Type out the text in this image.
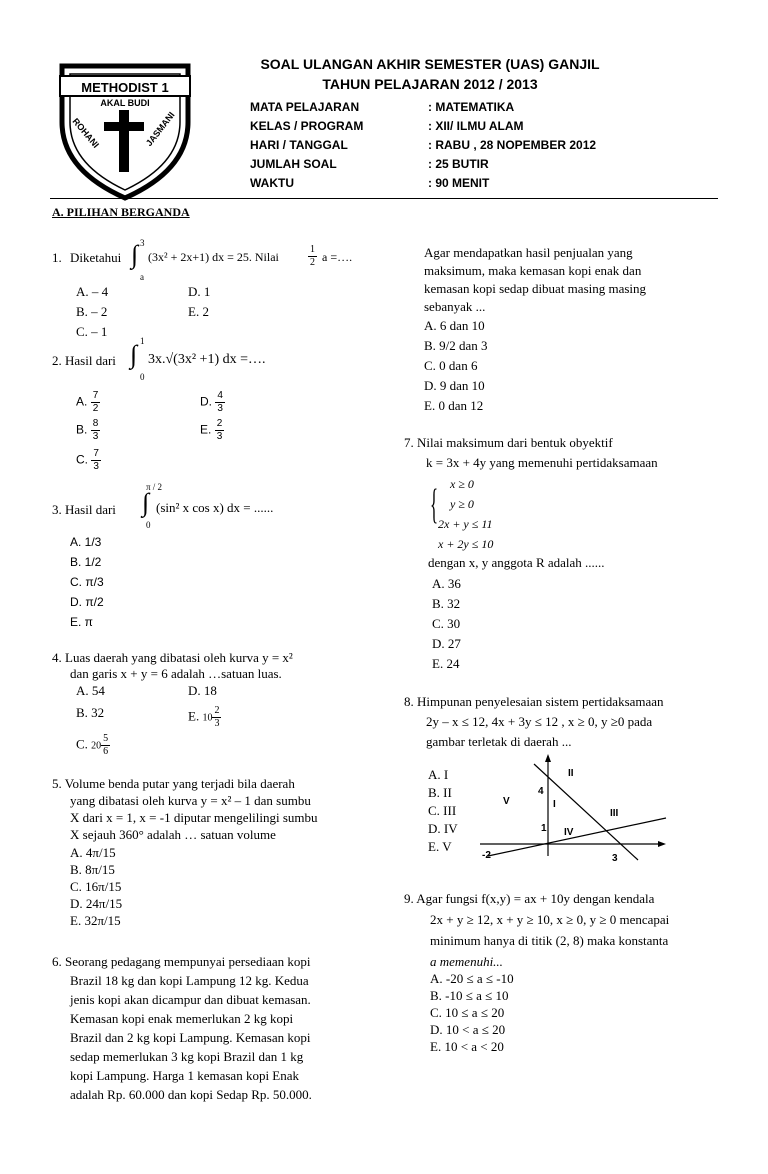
METHODIST 1
AKAL BUDI
ROHANI	JASMANI
SOAL ULANGAN AKHIR SEMESTER (UAS) GANJIL
TAHUN PELAJARAN 2012 / 2013
MATA PELAJARAN	: MATEMATIKA
KELAS / PROGRAM	: XII/ ILMU ALAM
HARI / TANGGAL	: RABU , 28 NOPEMBER 2012
JUMLAH SOAL	: 25 BUTIR
WAKTU	: 90 MENIT
A. PILIHAN BERGANDA
1. Diketahui
3
∫
a
(3x² + 2x+1) dx = 25. Nilai	$\frac{1}{2}$ a =….
A. – 4
B. – 2
C. – 1
D. 1
E. 2
1
2. Hasil dari ∫
0
3x.√(3x² +1) dx =….
A. $\frac{7}{2}$
B. $\frac{8}{3}$
C. $\frac{7}{3}$
D. $\frac{4}{3}$
E. $\frac{2}{3}$
π / 2
3. Hasil dari ∫
0
(sin² x cos x) dx = ......
A. 1/3
B. 1/2
C. π/3
D. π/2
E. π
4. Luas daerah yang dibatasi oleh kurva y = x²
dan garis x + y = 6 adalah …satuan luas.
A. 54
B. 32
C. $20 \frac{5}{6}$
D. 18
E. $10 \frac{2}{3}$
5. Volume benda putar yang terjadi bila daerah
yang dibatasi oleh kurva y = x² – 1 dan sumbu
X dari x = 1, x = -1 diputar mengelilingi sumbu
X sejauh 360° adalah … satuan volume
A. 4π/15
B. 8π/15
C. 16π/15
D. 24π/15
E. 32π/15
6. Seorang pedagang mempunyai persediaan kopi
Brazil 18 kg dan kopi Lampung 12 kg. Kedua
jenis kopi akan dicampur dan dibuat kemasan.
Kemasan kopi enak memerlukan 2 kg kopi
Brazil dan 2 kg kopi Lampung. Kemasan kopi
sedap memerlukan 3 kg kopi Brazil dan 1 kg
kopi Lampung. Harga 1 kemasan kopi Enak
adalah Rp. 60.000 dan kopi Sedap Rp. 50.000.
Agar mendapatkan hasil penjualan yang
maksimum, maka kemasan kopi enak dan
kemasan kopi sedap dibuat masing masing
sebanyak ...
A. 6 dan 10
B. 9/2 dan 3
C. 0 dan 6
D. 9 dan 10
E. 0 dan 12
7. Nilai maksimum dari bentuk obyektif
k = 3x + 4y yang memenuhi pertidaksamaan
{ x ≥ 0
y ≥ 0
2x + y ≤ 11
x + 2y ≤ 10
dengan x, y anggota R adalah ......
A. 36
B. 32
C. 30
D. 27
E. 24
8. Himpunan penyelesaian sistem pertidaksamaan
2y – x ≤ 12, 4x + 3y ≤ 12 , x ≥ 0, y ≥0 pada
gambar terletak di daerah ...
A. I
B. II
C. III
D. IV
E. V
II
4
V	I
III
1 IV
-2	3
9. Agar fungsi f(x,y) = ax + 10y dengan kendala
2x + y ≥ 12, x + y ≥ 10, x ≥ 0, y ≥ 0 mencapai
minimum hanya di titik (2, 8) maka konstanta
a memenuhi...
A. -20 ≤ a ≤ -10
B. -10 ≤ a ≤ 10
C. 10 ≤ a ≤ 20
D. 10 < a ≤ 20
E. 10 < a < 20
